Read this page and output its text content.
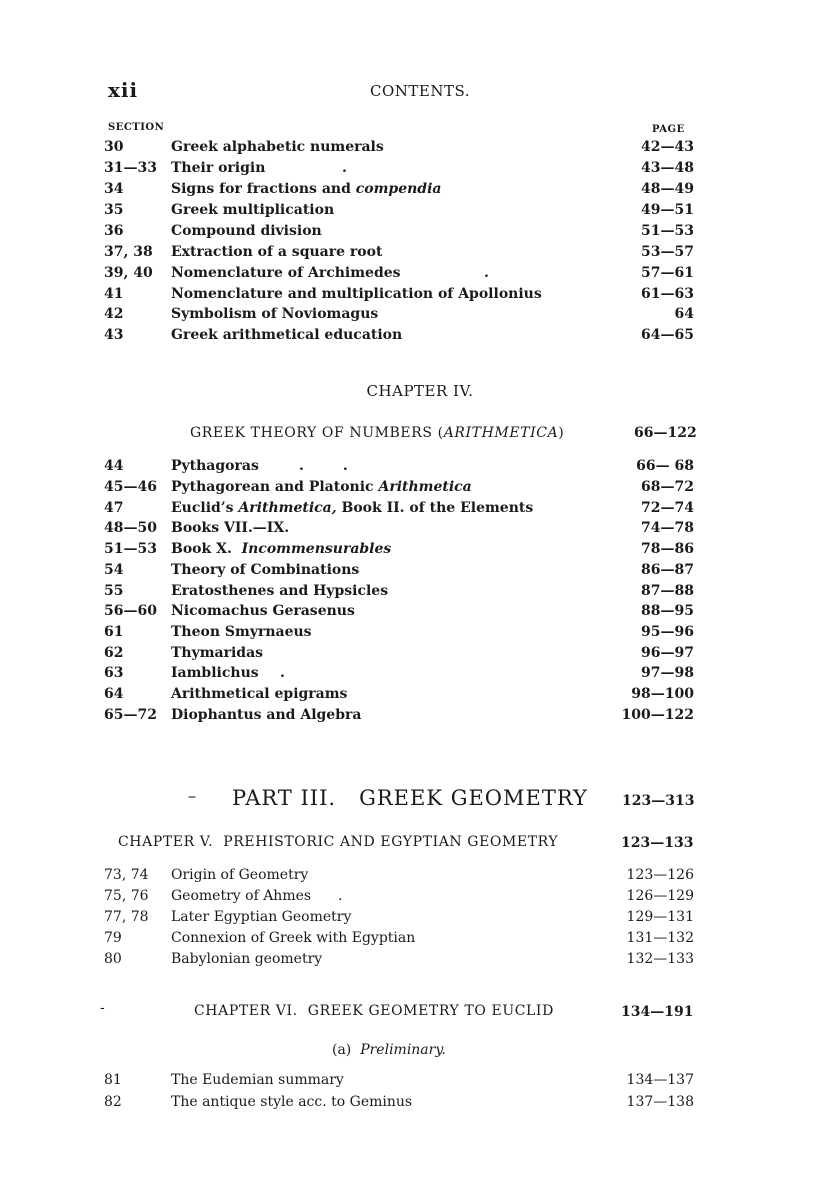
xii	CONTENTS.
SECTION	PAGE
30	Greek alphabetic numerals	42—43
31—33 Their origin	.	43—48
34	Signs for fractions and compendia	48—49
35	Greek multiplication	49—51
36	Compound division	51—53
37, 38 Extraction of a square root	53—57
39, 40 Nomenclature of Archimedes	.	57—61
41	Nomenclature and multiplication of Apollonius	61—63
42	Symbolism of Noviomagus	64
43	Greek arithmetical education	64—65
CHAPTER IV.
GREEK THEORY OF NUMBERS (ARITHMETICA)	66—122
44	Pythagoras	.        .	66— 68
45—46 Pythagorean and Platonic Arithmetica	68—72
47	Euclid’s Arithmetica, Book II. of the Elements	72—74
48—50 Books VII.—IX.	74—78
51—53 Book X.  Incommensurables	78—86
54	Theory of Combinations	86—87
55	Eratosthenes and Hypsicles	87—88
56—60 Nicomachus Gerasenus	88—95
61	Theon Smyrnaeus	95—96
62	Thymaridas	96—97
63	Iamblichus .	97—98
64	Arithmetical epigrams	98—100
65—72 Diophantus and Algebra	100—122
– PART III.   GREEK GEOMETRY 123—313
CHAPTER V.  PREHISTORIC AND EGYPTIAN GEOMETRY	123—133
73, 74 Origin of Geometry	123—126
75, 76 Geometry of Ahmes .	126—129
77, 78 Later Egyptian Geometry	129—131
79	Connexion of Greek with Egyptian	131—132
80	Babylonian geometry	132—133
-	CHAPTER VI.  GREEK GEOMETRY TO EUCLID	134—191
(a) Preliminary.
81	The Eudemian summary	134—137
82	The antique style acc. to Geminus	137—138
